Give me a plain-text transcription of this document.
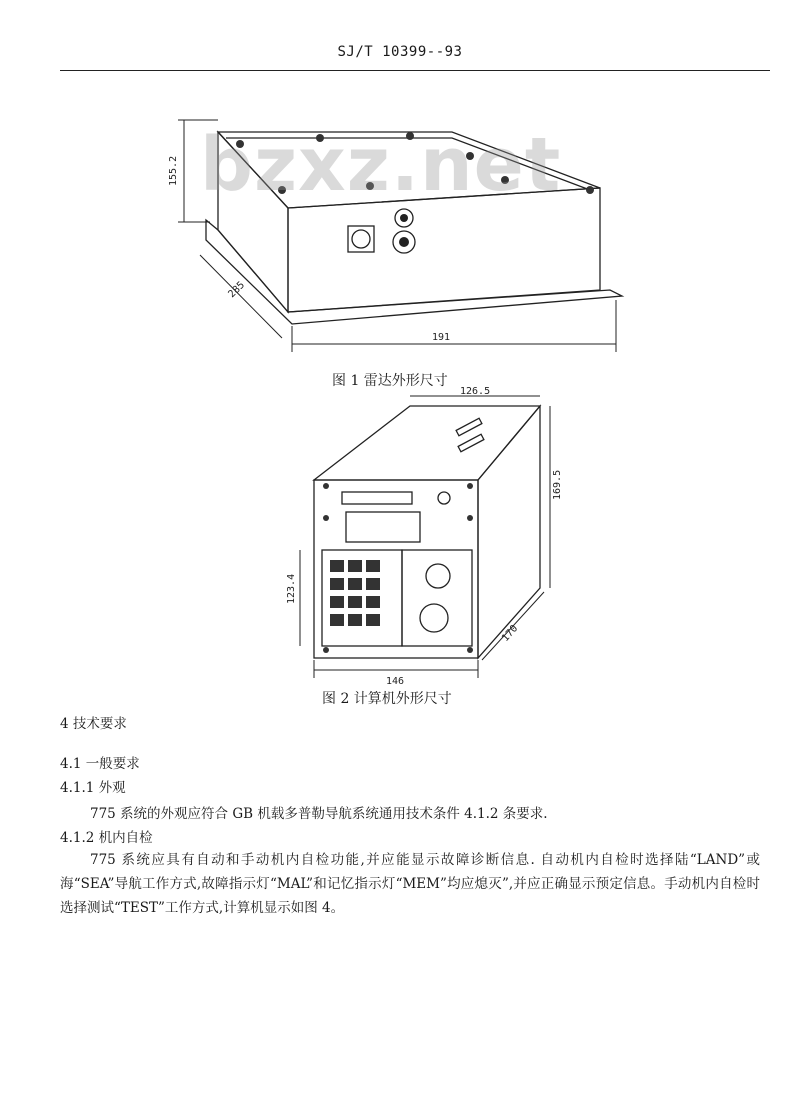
SJ/T 10399--93
155.2
285
191
bzxz.net
图 1 雷达外形尺寸
126.5
169.5
123.4
170
146
图 2 计算机外形尺寸
4 技术要求
4.1 一般要求
4.1.1 外观
775 系统的外观应符合 GB 机载多普勒导航系统通用技术条件 4.1.2 条要求.
4.1.2 机内自检
775 系统应具有自动和手动机内自检功能,并应能显示故障诊断信息. 自动机内自检时选择陆“LAND”或海“SEA”导航工作方式,故障指示灯“MAL”和记忆指示灯“MEM”均应熄灭”,并应正确显示预定信息。手动机内自检时选择测试“TEST”工作方式,计算机显示如图 4。
